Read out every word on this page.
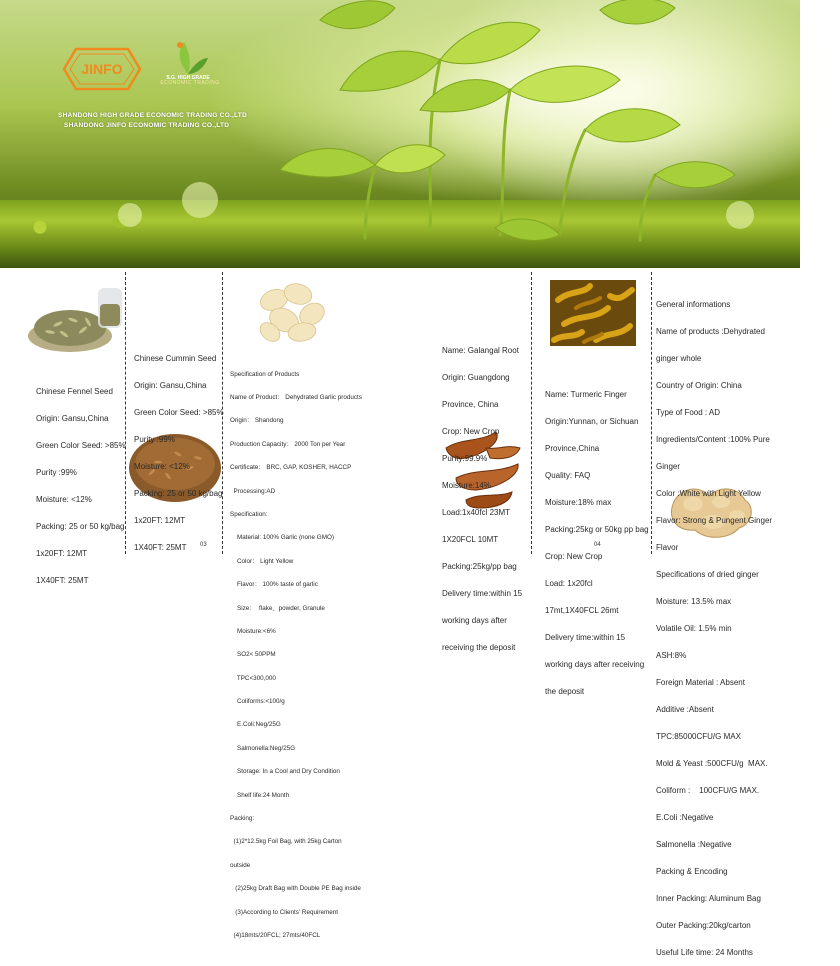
JINFO
S.G. HIGH GRADE
ECONOMIC TRADING
SHANDONG HIGH GRADE ECONOMIC TRADING CO.,LTD
SHANDONG JINFO ECONOMIC TRADING CO.,LTD

Chinese Fennel Seed

Origin: Gansu,China

Green Color Seed: >85%

Purity :99%

Moisture: <12%

Packing: 25 or 50 kg/bag

1x20FT: 12MT

1X40FT: 25MT

Chinese Cummin Seed

Origin: Gansu,China

Green Color Seed: >85%

Purity :99%

Moisture: <12%

Packing: 25 or 50 kg/bag

1x20FT: 12MT

1X40FT: 25MT

Specification of Products

Name of Product： Dehydrated Garlic products

Origin： Shandong

Production Capacity： 2000 Ton per Year

Certificate： BRC, GAP, KOSHER, HACCP

Processing:AD

Specification:

Material: 100% Garlic (none GMO)

Color： Light Yellow

Flavor： 100% taste of garlic

Size：  flake、powder, Granule

Moisture:<6%

SO2< 50PPM

TPC<300,000

Coliforms:<100/g

E.Coli:Neg/25G

Salmonella:Neg/25G

Storage: In a Cool and Dry Condition

Shelf life:24 Month

Packing:

(1)2*12.5kg Foil Bag, with 25kg Carton

outside

(2)25kg Draft Bag with Double PE Bag inside

(3)According to Clients' Requirement

(4)18mts/20FCL; 27mts/40FCL

Name: Galangal Root

Origin: Guangdong

Province, China

Crop: New Crop

Purity:99.9%

Moisture:14%

Load:1x40fcl 23MT

1X20FCL 10MT

Packing:25kg/pp bag

Delivery time:within 15

working days after

receiving the deposit

Name: Turmeric Finger

Origin:Yunnan, or Sichuan

Province,China

Quality: FAQ

Moisture:18% max

Packing:25kg or 50kg pp bag

Crop: New Crop

Load: 1x20fcl

17mt,1X40FCL 26mt

Delivery time:within 15

working days after receiving

the deposit

General informations

Name of products :Dehydrated

ginger whole

Country of Origin: China

Type of Food : AD

Ingredients/Content :100% Pure

Ginger

Color :White with Light Yellow

Flavor: Strong & Pungent Ginger

Flavor

Specifications of dried ginger

Moisture: 13.5% max

Volatile Oil: 1.5% min

ASH:8%

Foreign Material : Absent

Additive :Absent

TPC:85000CFU/G MAX

Mold & Yeast :500CFU/g  MAX.

Coliform :    100CFU/G MAX.

E.Coli :Negative

Salmonella :Negative

Packing & Encoding

Inner Packing: Aluminum Bag

Outer Packing:20kg/carton

Useful Life time: 24 Months

03	04
